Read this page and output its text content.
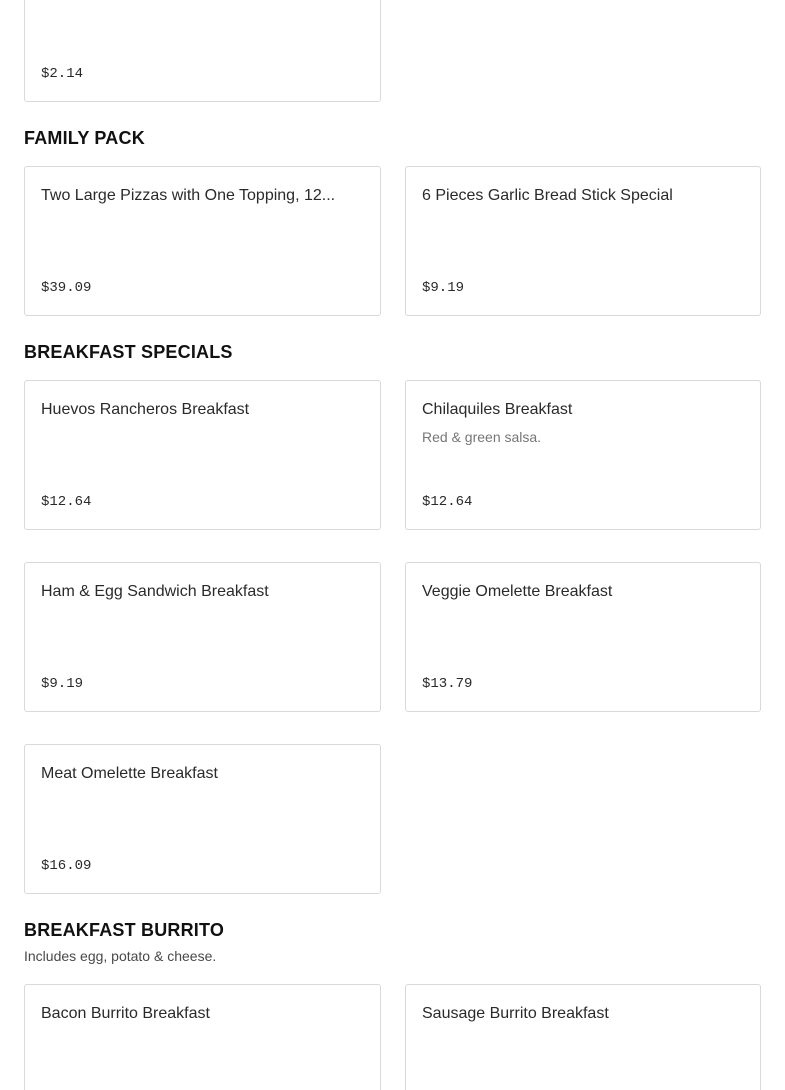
$2.14
FAMILY PACK
Two Large Pizzas with One Topping, 12...
$39.09
6 Pieces Garlic Bread Stick Special
$9.19
BREAKFAST SPECIALS
Huevos Rancheros Breakfast
$12.64
Chilaquiles Breakfast
Red & green salsa.
$12.64
Ham & Egg Sandwich Breakfast
$9.19
Veggie Omelette Breakfast
$13.79
Meat Omelette Breakfast
$16.09
BREAKFAST BURRITO
Includes egg, potato & cheese.
Bacon Burrito Breakfast	Sausage Burrito Breakfast
